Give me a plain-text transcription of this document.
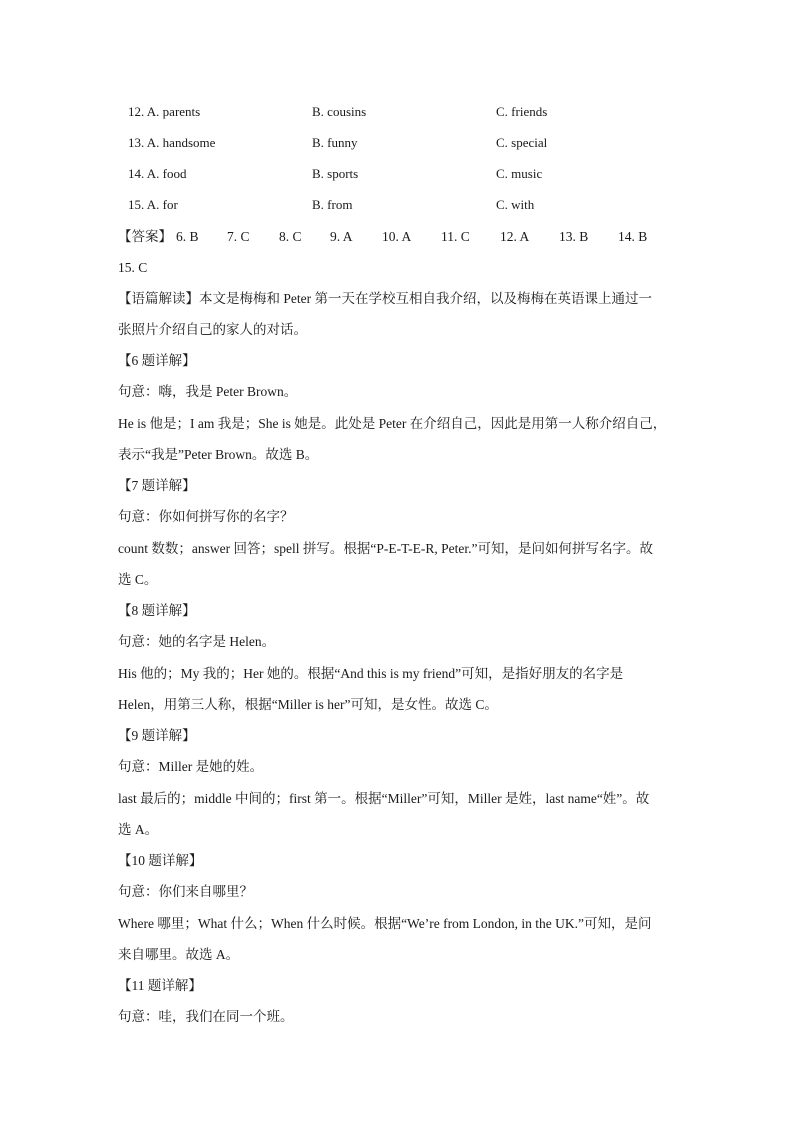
12. A. parents	B. cousins	C. friends
13. A. handsome	B. funny	C. special
14. A. food	B. sports	C. music
15. A. for	B. from	C. with
【答案】 6. B 7. C 8. C 9. A 10. A 11. C 12. A 13. B 14. B
15. C
【语篇解读】本文是梅梅和 Peter 第一天在学校互相自我介绍，以及梅梅在英语课上通过一
张照片介绍自己的家人的对话。
【6 题详解】
句意：嗨，我是 Peter Brown。
He is 他是；I am 我是；She is 她是。此处是 Peter 在介绍自己，因此是用第一人称介绍自己，
表示“我是”Peter Brown。故选 B。
【7 题详解】
句意：你如何拼写你的名字？
count 数数；answer 回答；spell 拼写。根据“P-E-T-E-R, Peter.”可知，是问如何拼写名字。故
选 C。
【8 题详解】
句意：她的名字是 Helen。
His 他的；My 我的；Her 她的。根据“And this is my friend”可知，是指好朋友的名字是
Helen，用第三人称，根据“Miller is her”可知，是女性。故选 C。
【9 题详解】
句意：Miller 是她的姓。
last 最后的；middle 中间的；first 第一。根据“Miller”可知，Miller 是姓，last name“姓”。故
选 A。
【10 题详解】
句意：你们来自哪里？
Where 哪里；What 什么；When 什么时候。根据“We’re from London, in the UK.”可知，是问
来自哪里。故选 A。
【11 题详解】
句意：哇，我们在同一个班。
